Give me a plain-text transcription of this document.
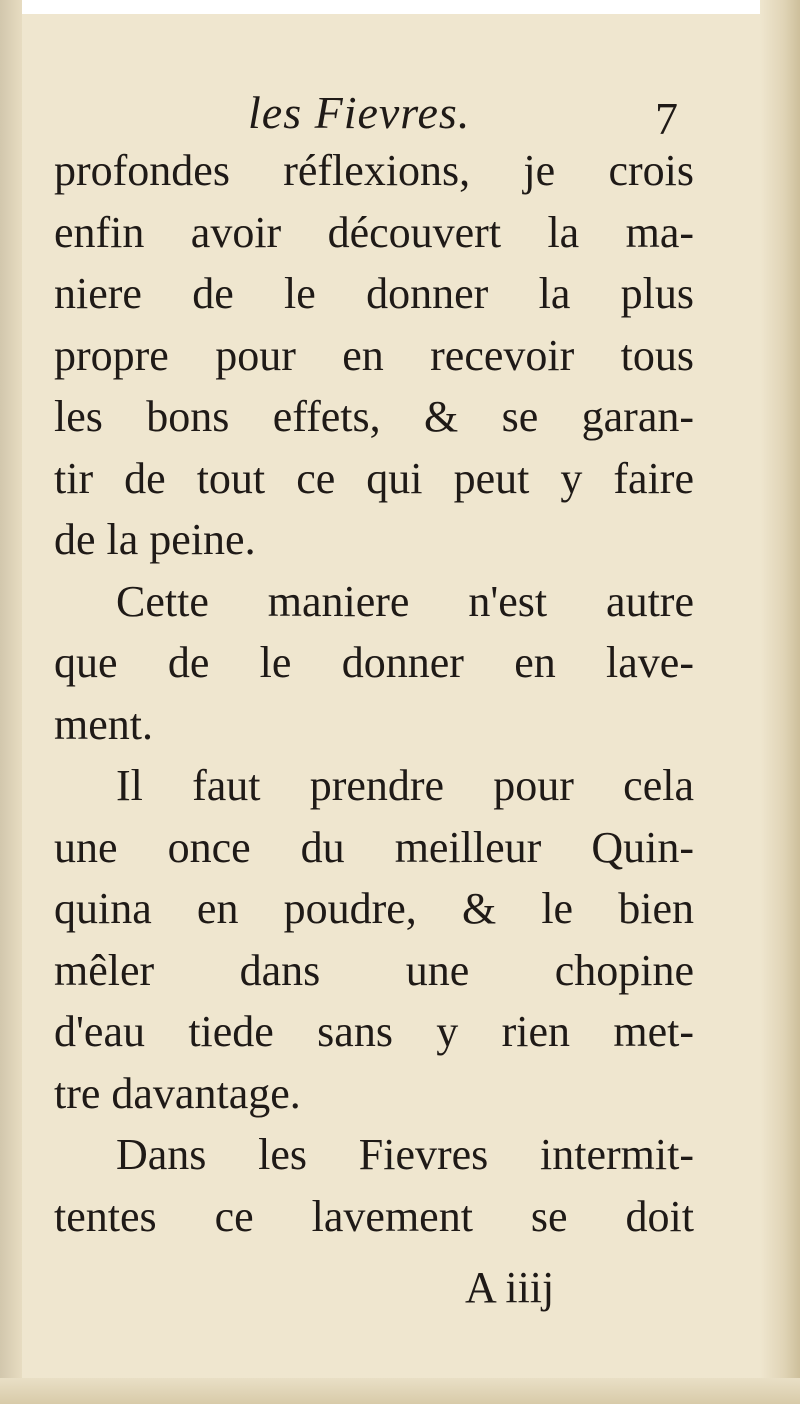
les Fievres.	7
profondes réflexions, je crois
enfin avoir découvert la ma-
niere de le donner la plus
propre pour en recevoir tous
les bons effets, & se garan-
tir de tout ce qui peut y faire
de la peine.
Cette maniere n'est autre
que de le donner en lave-
ment.
Il faut prendre pour cela
une once du meilleur Quin-
quina en poudre, & le bien
mêler dans une chopine
d'eau tiede sans y rien met-
tre davantage.
Dans les Fievres intermit-
tentes ce lavement se doit
A iiij
